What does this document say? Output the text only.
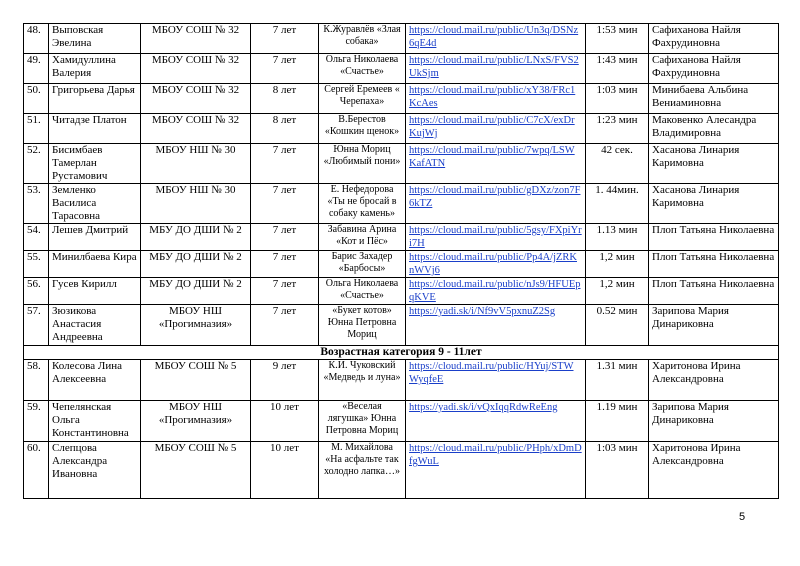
48.	Выповская Эвелина	МБОУ СОШ № 32	7 лет	К.Журавлёв «Злая собака»	https://cloud.mail.ru/public/Un3q/DSNz6qE4d	1:53 мин	Сафиханова Найля Фахрудиновна
49.	Хамидуллина Валерия	МБОУ СОШ № 32	7 лет	Ольга Николаева «Счастье»	https://cloud.mail.ru/public/LNxS/FVS2UkSjm	1:43 мин	Сафиханова Найля Фахрудиновна
50.	Григорьева Дарья	МБОУ СОШ № 32	8 лет	Сергей Еремеев « Черепаха»	https://cloud.mail.ru/public/xY38/FRc1KcAes	1:03 мин	Минибаева Альбина Вениаминовна
51.	Читадзе Платон	МБОУ СОШ № 32	8 лет	В.Берестов «Кошкин щенок»	https://cloud.mail.ru/public/C7cX/exDrKujWj	1:23 мин	Маковенко Алесандра Владимировна
52.	Бисимбаев Тамерлан Рустамович	МБОУ НШ № 30	7 лет	Юнна Мориц «Любимый пони»	https://cloud.mail.ru/public/7wpq/LSWKafATN	42 сек.	Хасанова Линария Каримовна
53.	Земленко Василиса Тарасовна	МБОУ НШ № 30	7 лет	Е. Нефедорова «Ты не бросай в собаку камень»	https://cloud.mail.ru/public/gDXz/zon7F6kTZ	1. 44мин.	Хасанова Линария Каримовна
54.	Лешев Дмитрий	МБУ ДО ДШИ № 2	7 лет	Забавина Арина «Кот и Пёс»	https://cloud.mail.ru/public/5gsy/FXpiYri7H	1.13 мин	Плоп Татьяна Николаевна
55.	Минилбаева Кира	МБУ ДО ДШИ № 2	7 лет	Барис Захадер «Барбосы»	https://cloud.mail.ru/public/Pp4A/jZRKnWVj6	1,2 мин	Плоп Татьяна Николаевна
56.	Гусев Кирилл	МБУ ДО ДШИ № 2	7 лет	Ольга Николаева «Счастье»	https://cloud.mail.ru/public/nJs9/HFUEpqKVE	1,2 мин	Плоп Татьяна Николаевна
57.	Зюзикова Анастасия Андреевна	МБОУ НШ «Прогимназия»	7 лет	«Букет котов» Юнна Петровна Мориц	https://yadi.sk/i/Nf9vV5pxnuZ2Sg	0.52 мин	Зарипова Мария Динариковна
Возрастная категория 9 - 11лет							
58.	Колесова Лина Алексеевна	МБОУ СОШ № 5	9 лет	К.И. Чуковский «Медведь и луна»	https://cloud.mail.ru/public/HYuj/STWWyqfeE	1.31 мин	Харитонова Ирина Александровна
59.	Чепелянская Ольга Константиновна	МБОУ НШ «Прогимназия»	10 лет	«Веселая лягушка» Юнна Петровна Мориц	https://yadi.sk/i/vQxIqqRdwReEng	1.19 мин	Зарипова Мария Динариковна
60.	Слепцова Александра Ивановна	МБОУ СОШ № 5	10 лет	М. Михайлова «На асфальте так холодно лапка…»	https://cloud.mail.ru/public/PHph/xDmDfgWuL	1:03 мин	Харитонова Ирина Александровна
5
